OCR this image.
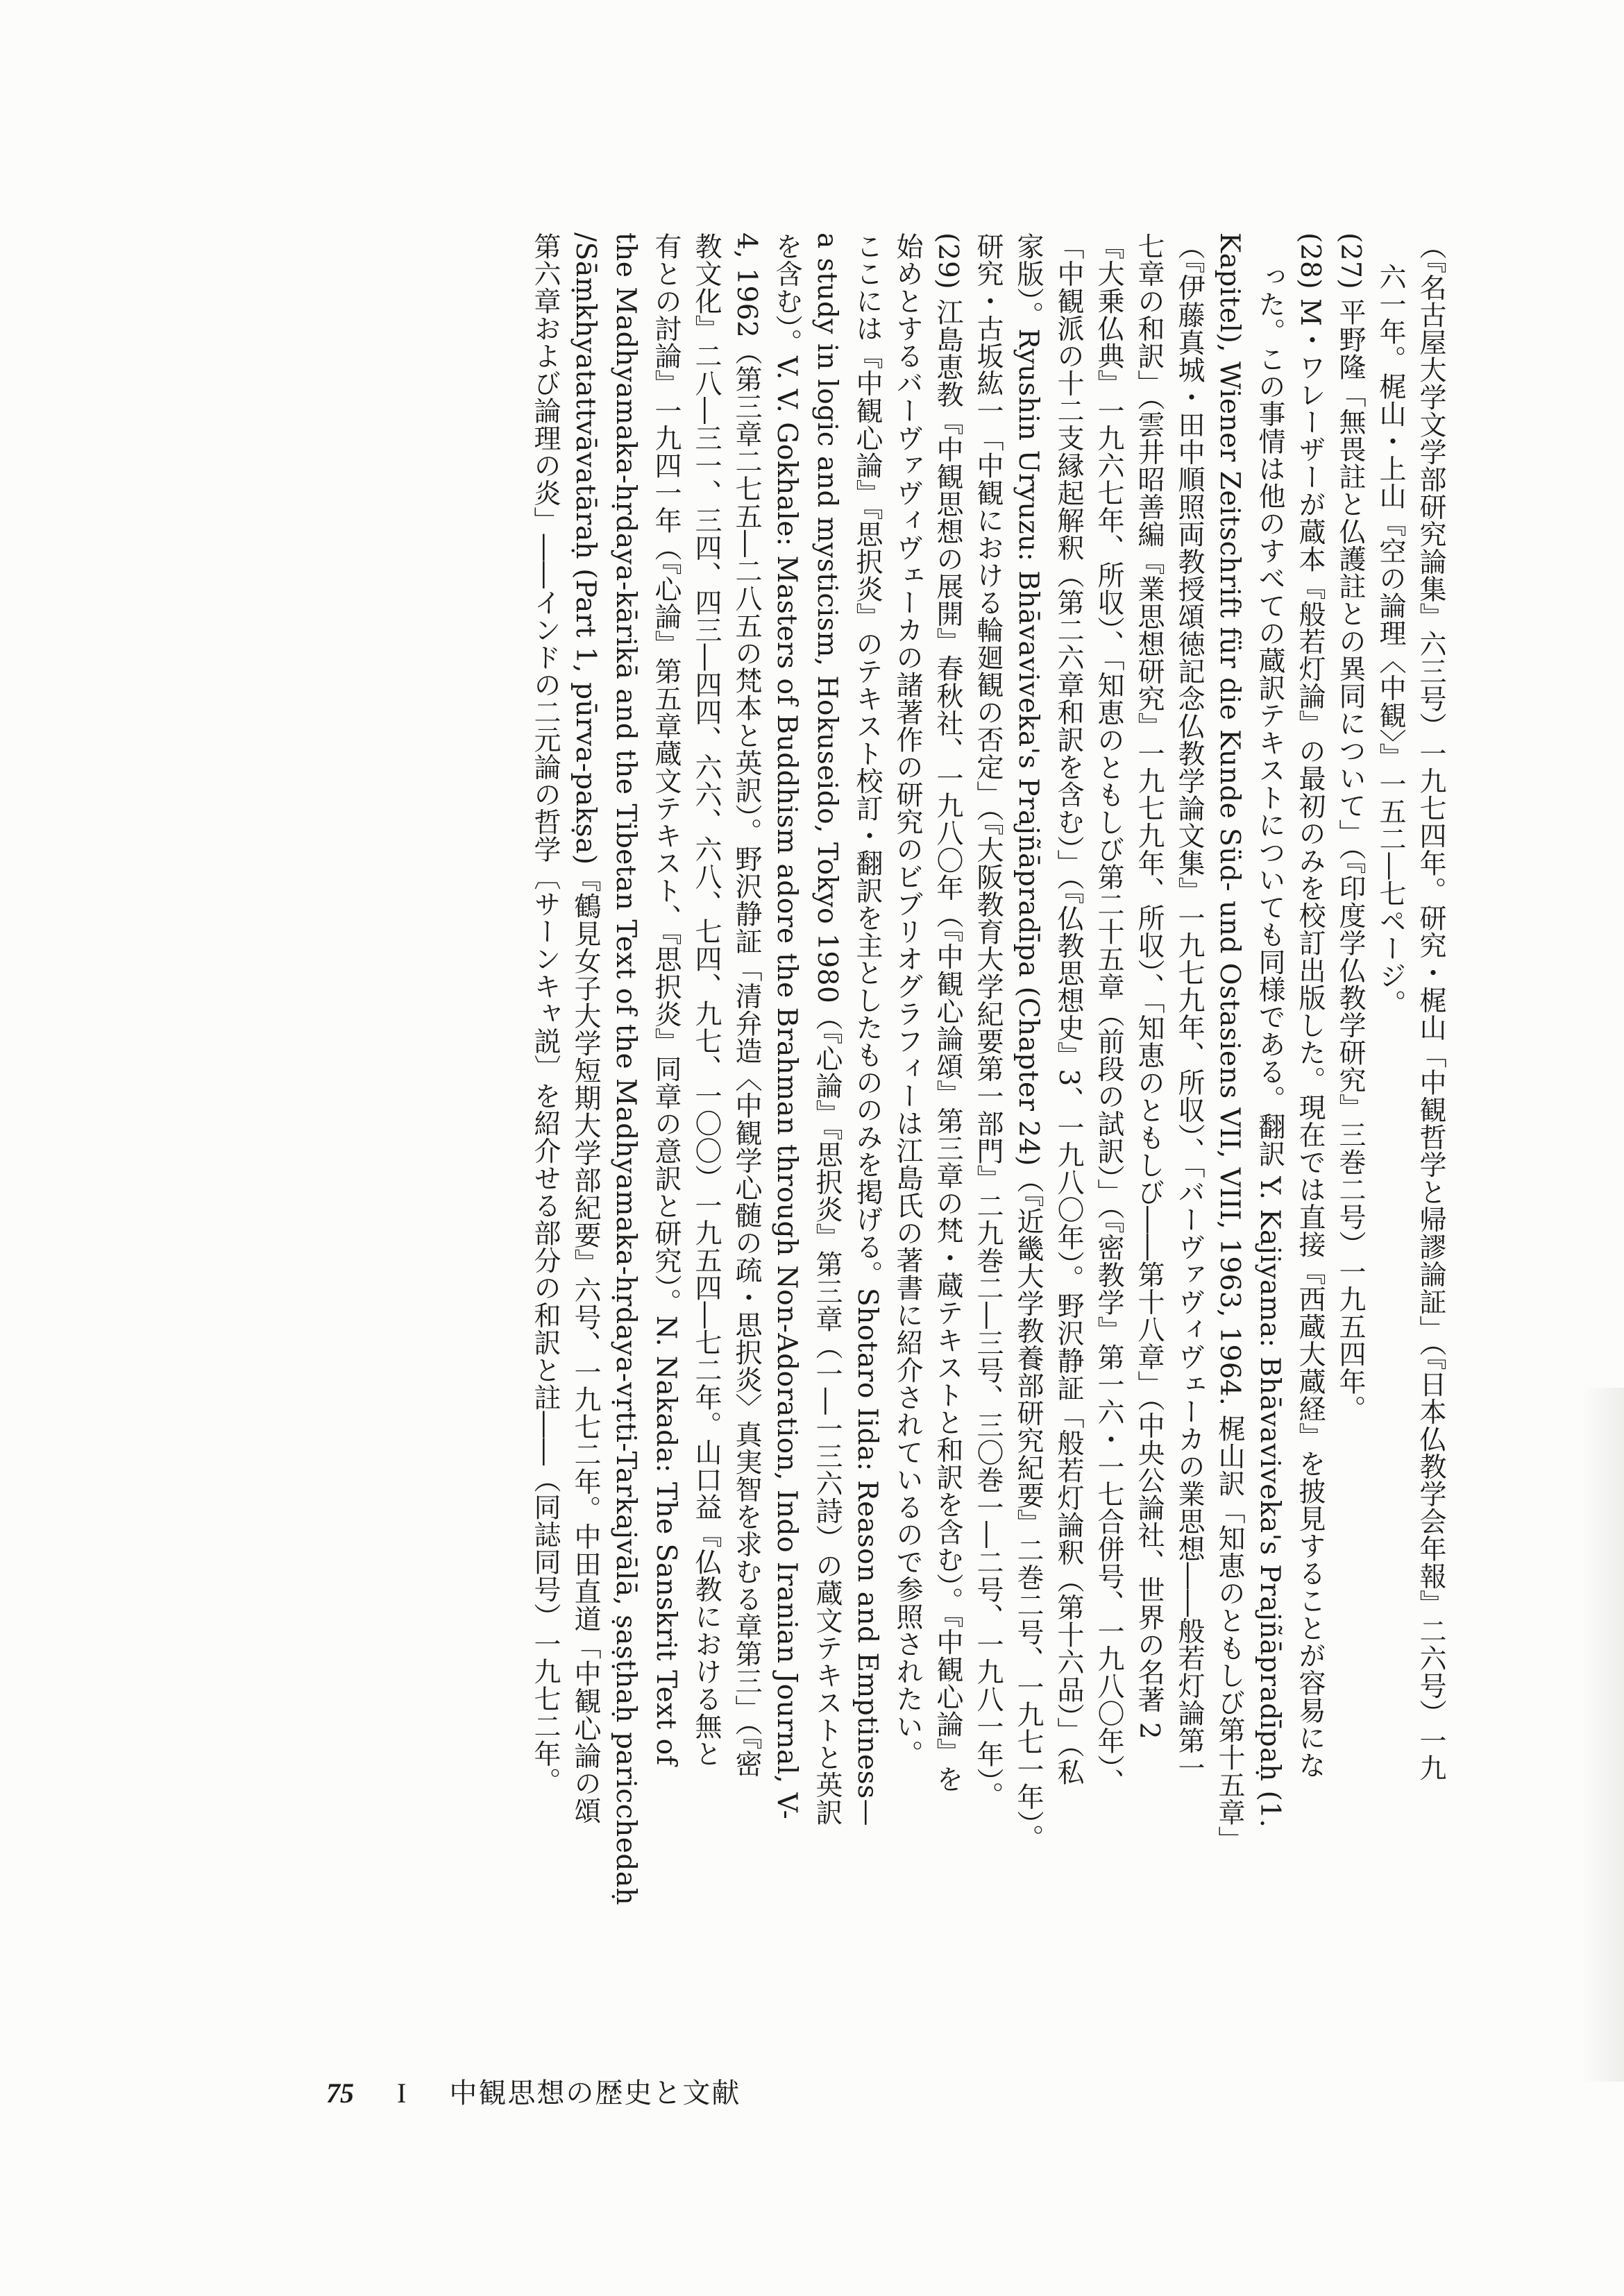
（『名古屋大学文学部研究論集』六三号）一九七四年。研究・梶山「中観哲学と帰謬論証」（『日本仏教学会年報』二六号）一九
六一年。梶山・上山『空の論理〈中観〉』一五二―七ページ。
(27) 平野隆「無畏註と仏護註との異同について」（『印度学仏教学研究』三巻二号）一九五四年。
(28) M・ワレーザーが蔵本『般若灯論』の最初のみを校訂出版した。現在では直接『西蔵大蔵経』を披見することが容易にな
った。この事情は他のすべての蔵訳テキストについても同様である。翻訳 Y. Kajiyama: Bhāvaviveka's Prajñāpradīpaḥ (1.
Kapitel), Wiener Zeitschrift für die Kunde Süd- und Ostasiens VII, VIII, 1963, 1964. 梶山訳「知恵のともしび第十五章」
（『伊藤真城・田中順照両教授頌徳記念仏教学論文集』一九七九年、所収）、「バーヴァヴィヴェーカの業思想――般若灯論第一
七章の和訳」（雲井昭善編『業思想研究』一九七九年、所収）、「知恵のともしび――第十八章」（中央公論社、世界の名著 2
『大乗仏典』一九六七年、所収）、「知恵のともしび第二十五章（前段の試訳）」（『密教学』第一六・一七合併号、一九八〇年）、
「中観派の十二支縁起解釈（第二六章和訳を含む）」（『仏教思想史』3、一九八〇年）。野沢静証「般若灯論釈（第十六品）」（私
家版）。Ryushin Uryuzu: Bhāvaviveka's Prajñāpradīpa (Chapter 24)（『近畿大学教養部研究紀要』二巻二号、一九七一年）。
研究・古坂紘一「中観における輪廻観の否定」（『大阪教育大学紀要第一部門』二九巻二―三号、三〇巻一―二号、一九八一年）。
(29) 江島恵教『中観思想の展開』春秋社、一九八〇年（『中観心論頌』第三章の梵・蔵テキストと和訳を含む）。『中観心論』を
始めとするバーヴァヴィヴェーカの諸著作の研究のビブリオグラフィーは江島氏の著書に紹介されているので参照されたい。
ここには『中観心論』『思択炎』のテキスト校訂・翻訳を主としたもののみを掲げる。Shotaro Iida: Reason and Emptiness—
a study in logic and mysticism, Hokuseido, Tokyo 1980（『心論』『思択炎』第三章（一―一三六詩）の蔵文テキストと英訳
を含む）。V. V. Gokhale: Masters of Buddhism adore the Brahman through Non-Adoration, Indo Iranian Journal, V-
4, 1962（第三章二七五―二八五の梵本と英訳）。野沢静証「清弁造〈中観学心髄の疏・思択炎〉真実智を求むる章第三」（『密
教文化』二八―三一、三四、四三―四四、六六、六八、七四、九七、一〇〇）一九五四―七二年。山口益『仏教における無と
有との討論』一九四一年（『心論』第五章蔵文テキスト、『思択炎』同章の意訳と研究）。N. Nakada: The Sanskrit Text of
the Madhyamaka-hṛdaya-kārikā and the Tibetan Text of the Madhyamaka-hṛdaya-vṛtti-Tarkajvālā, ṣaṣṭhaḥ paricchedaḥ
/Sāṃkhyatattvāvatāraḥ (Part 1, pūrva-pakṣa)『鶴見女子大学短期大学部紀要』六号、一九七二年。中田直道「中観心論の頌
第六章および論理の炎」――インドの二元論の哲学〔サーンキャ説〕を紹介せる部分の和訳と註――（同誌同号）一九七二年。
75 I 中観思想の歴史と文献
